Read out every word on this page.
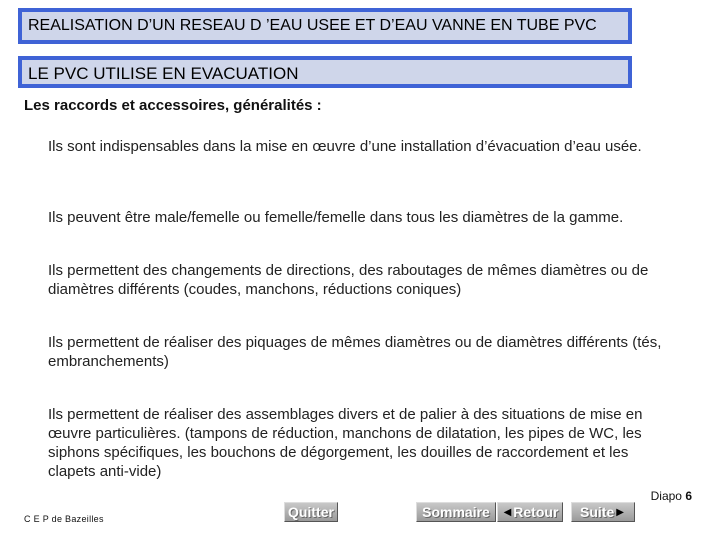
REALISATION D’UN RESEAU D ’EAU USEE ET D’EAU VANNE EN TUBE PVC
LE PVC UTILISE EN EVACUATION
Les raccords et accessoires, généralités :
Ils sont indispensables dans la mise en œuvre d’une installation d’évacuation d’eau usée.
Ils peuvent être male/femelle ou femelle/femelle dans tous les diamètres de la gamme.
Ils permettent des changements de directions, des raboutages de mêmes diamètres ou de diamètres différents (coudes, manchons, réductions coniques)
Ils permettent de réaliser des piquages de mêmes diamètres ou de diamètres différents (tés, embranchements)
Ils permettent de réaliser des assemblages divers et de palier à des situations de mise en œuvre particulières. (tampons de réduction, manchons de dilatation, les pipes de WC, les siphons spécifiques, les bouchons de dégorgement, les douilles de raccordement et les clapets anti-vide)
Diapo 6
C E P de Bazeilles	Quitter	Sommaire ◀ Retour Suite ▶
